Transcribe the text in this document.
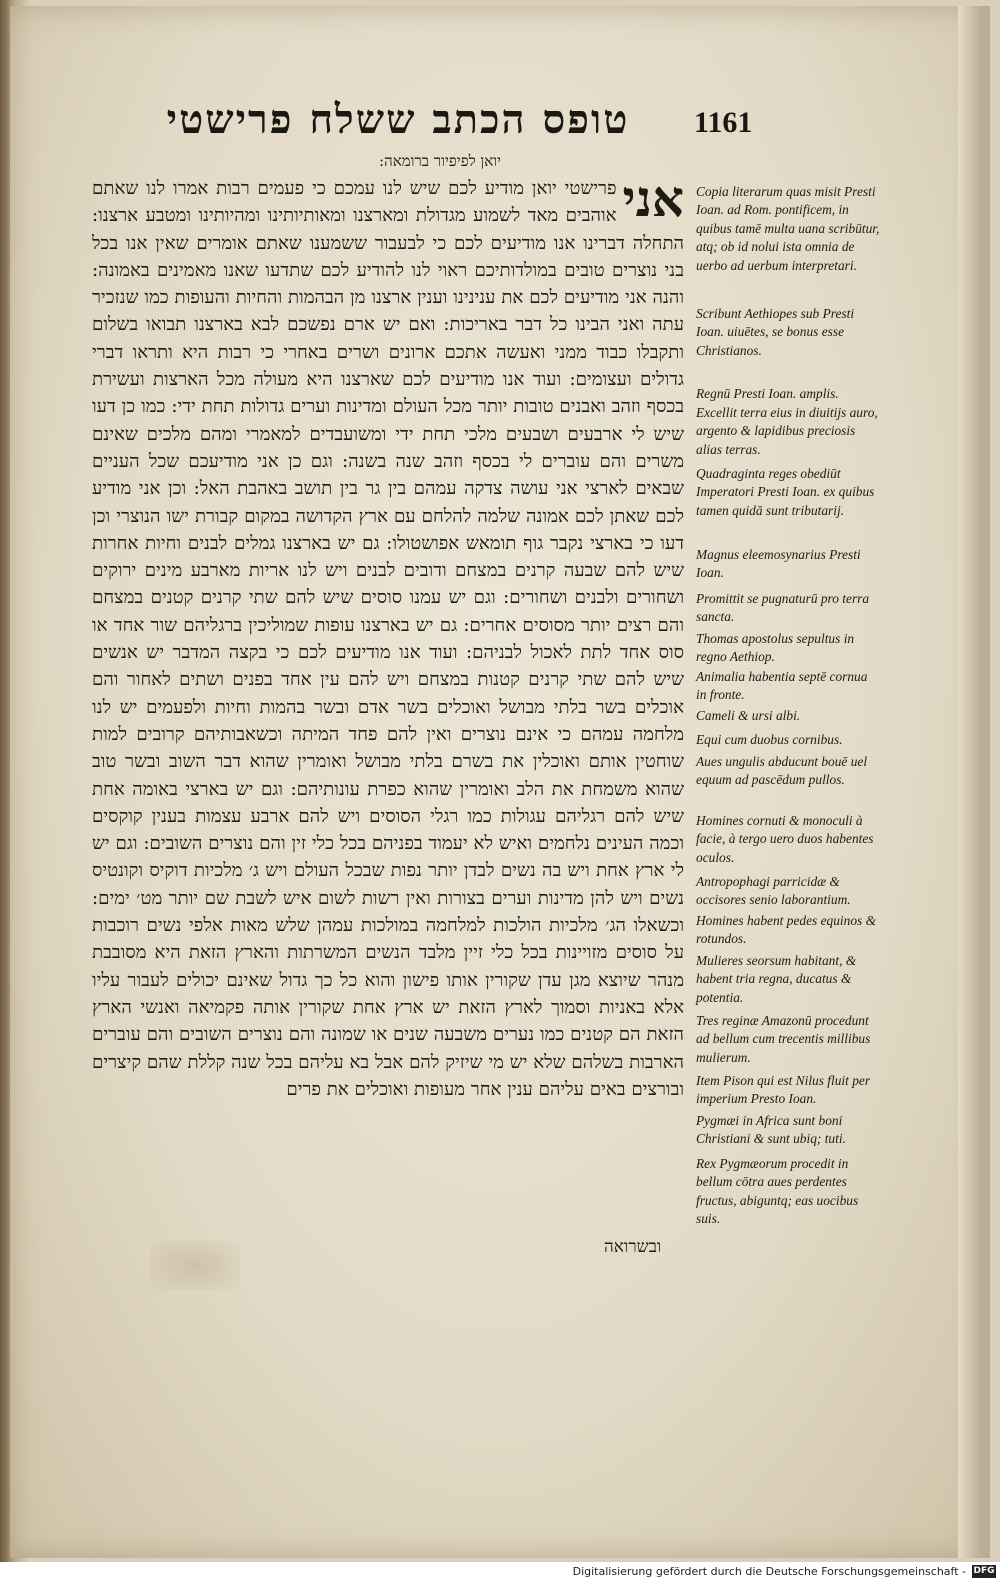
טופס הכתב ששלח פרישטי	1161
יואן לפיפיור ברומאה:
אני

פרישטי יואן מודיע לכם שיש לנו עמכם כי פעמים רבות אמרו לנו שאתם אוהבים מאד לשמוע מגדולת ומארצנו ומאותיותינו ומהיותינו ומטבע ארצנו: התחלה דברינו אנו מודיעים לכם כי לבעבור ששמענו שאתם אומרים שאין אנו בכל בני נוצרים טובים במולדותיכם ראוי לנו להודיע לכם שתדעו שאנו מאמינים באמונה: והנה אני מודיעים לכם את ענינינו וענין ארצנו מן הבהמות והחיות והעופות כמו שנזכיר עתה ואני הבינו כל דבר באריכות: ואם יש ארם נפשכם לבא בארצנו תבואו בשלום ותקבלו כבוד ממני ואעשה אתכם ארונים ושרים באחרי כי רבות היא ותראו דברי גדולים ועצומים: ועוד אנו מודיעים לכם שארצנו היא מעולה מכל הארצות ועשירת בכסף וזהב ואבנים טובות יותר מכל העולם ומדינות וערים גדולות תחת ידי: כמו כן דעו שיש לי ארבעים ושבעים מלכי תחת ידי ומשועבדים למאמרי ומהם מלכים שאינם משרים והם עוברים לי בכסף וזהב שנה בשנה: וגם כן אני מודיעכם שכל העניים שבאים לארצי אני עושה צדקה עמהם בין גר בין תושב באהבת האל: וכן אני מודיע לכם שאתן לכם אמונה שלמה להלחם עם ארץ הקדושה במקום קבורת ישו הנוצרי וכן דעו כי בארצי נקבר גוף תומאש אפושטולו: גם יש בארצנו גמלים לבנים וחיות אחרות שיש להם שבעה קרנים במצחם ודובים לבנים ויש לנו אריות מארבע מינים ירוקים ושחורים ולבנים ושחורים: וגם יש עמנו סוסים שיש להם שתי קרנים קטנים במצחם והם רצים יותר מסוסים אחרים: גם יש בארצנו עופות שמוליכין ברגליהם שור אחד או סוס אחד לתת לאכול לבניהם: ועוד אנו מודיעים לכם כי בקצה המדבר יש אנשים שיש להם שתי קרנים קטנות במצחם ויש להם עין אחד בפנים ושתים לאחור והם אוכלים בשר בלתי מבושל ואוכלים בשר אדם ובשר בהמות וחיות ולפעמים יש לנו מלחמה עמהם כי אינם נוצרים ואין להם פחד המיתה וכשאבותיהם קרובים למות שוחטין אותם ואוכלין את בשרם בלתי מבושל ואומרין שהוא דבר השוב ובשר טוב שהוא משמחת את הלב ואומרין שהוא כפרת עונותיהם: וגם יש בארצי באומה אחת שיש להם רגליהם עגולות כמו רגלי הסוסים ויש להם ארבע עצמות בענין קוקסים וכמה העינים נלחמים ואיש לא יעמוד בפניהם בכל כלי זין והם נוצרים השובים: וגם יש לי ארץ אחת ויש בה נשים לבדן יותר נפות שבכל העולם ויש ג׳ מלכיות דוקיס וקונטיס נשים ויש להן מדינות וערים בצורות ואין רשות לשום איש לשבת שם יותר מט׳ ימים: וכשאלו הג׳ מלכיות הולכות למלחמה במולכות עמהן שלש מאות אלפי נשים רוכבות על סוסים מזויינות בכל כלי זיין מלבד הנשים המשרתות והארץ הזאת היא מסובבת מנהר שיוצא מגן עדן שקורין אותו פישון והוא כל כך גדול שאינם יכולים לעבור עליו אלא באניות וסמוך לארץ הזאת יש ארץ אחת שקורין אותה פקמיאה ואנשי הארץ הזאת הם קטנים כמו נערים משבעה שנים או שמונה והם נוצרים השובים והם עוברים הארבות בשלהם שלא יש מי שיזיק להם אבל בא עליהם בכל שנה קללת שהם קיצרים ובורצים באים עליהם ענין אחר מעופות ואוכלים את פרים

ובשרואה
Copia literarum quas misit Presti Ioan. ad Rom. pontificem, in quibus tamē multa uana scribūtur, atq; ob id nolui ista omnia de uerbo ad uerbum interpretari.
Scribunt Aethiopes sub Presti Ioan. uiuētes, se bonus esse Christianos.
Regnū Presti Ioan. amplis.
Excellit terra eius in diuitijs auro, argento & lapidibus preciosis alias terras.
Quadraginta reges obediūt Imperatori Presti Ioan. ex quibus tamen quidā sunt tributarij.
Magnus eleemosynarius Presti Ioan.
Promittit se pugnaturū pro terra sancta.
Thomas apostolus sepultus in regno Aethiop.
Animalia habentia septē cornua in fronte.
Cameli & ursi albi.
Equi cum duobus cornibus.
Aues ungulis abducunt bouē uel equum ad pascēdum pullos.
Homines cornuti & monoculi à facie, à tergo uero duos habentes oculos.
Antropophagi parricidæ & occisores senio laborantium.
Homines habent pedes equinos & rotundos.
Mulieres seorsum habitant, & habent tria regna, ducatus & potentia.
Tres reginæ Amazonū procedunt ad bellum cum trecentis millibus mulierum.
Item Pison qui est Nilus fluit per imperium Presto Ioan.
Pygmæi in Africa sunt boni Christiani & sunt ubiq; tuti.
Rex Pygmæorum procedit in bellum cōtra aues perdentes fructus, abiguntq; eas uocibus suis.
Digitalisierung gefördert durch die Deutsche Forschungsgemeinschaft - DFG
